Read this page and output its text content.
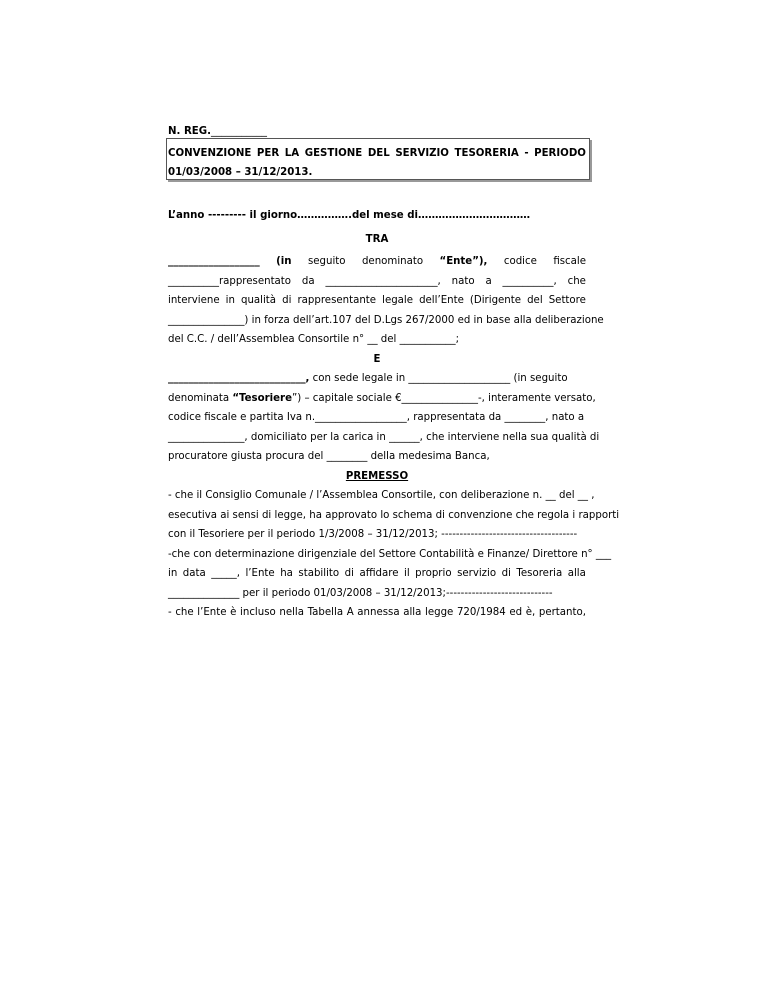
N. REG.___________
CONVENZIONE PER LA GESTIONE DEL SERVIZIO TESORERIA - PERIODO
01/03/2008 – 31/12/2013.
L’anno --------- il giorno…………….del mese di……………………………
TRA
__________________ (in seguito denominato “Ente”), codice fiscale
__________rappresentato da ______________________, nato a __________, che
interviene in qualità di rappresentante legale dell’Ente (Dirigente del Settore
_______________) in forza dell’art.107 del D.Lgs 267/2000 ed in base alla deliberazione
del C.C. / dell’Assemblea Consortile n° __ del ___________;
E
___________________________, con sede legale in ____________________ (in seguito
denominata “Tesoriere”) – capitale sociale €_______________-, interamente versato,
codice fiscale e partita Iva n.__________________, rappresentata da ________, nato a
_______________, domiciliato per la carica in ______, che interviene nella sua qualità di
procuratore giusta procura del ________ della medesima Banca,
PREMESSO
- che il Consiglio Comunale / l’Assemblea Consortile, con deliberazione n. __ del __ ,
esecutiva ai sensi di legge, ha approvato lo schema di convenzione che regola i rapporti
con il Tesoriere per il periodo 1/3/2008 – 31/12/2013; -------------------------------------
-che con determinazione dirigenziale del Settore Contabilità e Finanze/ Direttore n° ___
in data _____, l’Ente ha stabilito di affidare il proprio servizio di Tesoreria alla
______________ per il periodo 01/03/2008 – 31/12/2013;-----------------------------
- che l’Ente è incluso nella Tabella A annessa alla legge 720/1984 ed è, pertanto,
